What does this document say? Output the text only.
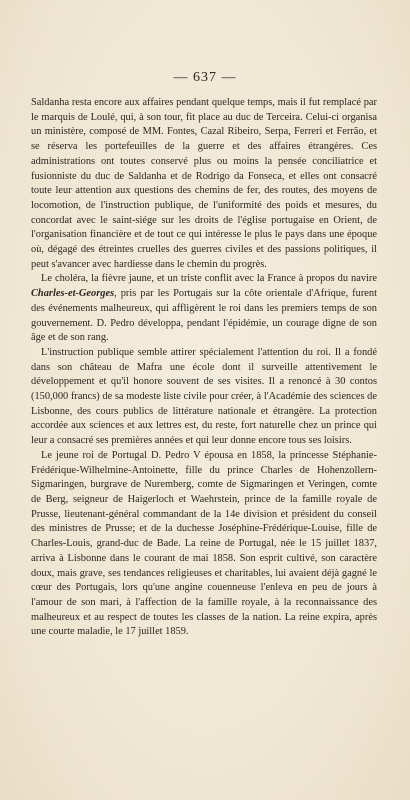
— 637 —

Saldanha resta encore aux affaires pendant quelque temps, mais il fut remplacé par le marquis de Loulé, qui, à son tour, fit place au duc de Terceira. Celui-ci organisa un ministère, composé de MM. Fontes, Cazal Ribeiro, Serpa, Ferreri et Ferrão, et se réserva les portefeuilles de la guerre et des affaires étrangères. Ces administrations ont toutes conservé plus ou moins la pensée conciliatrice et fusionniste du duc de Saldanha et de Rodrigo da Fonseca, et elles ont consacré toute leur attention aux questions des chemins de fer, des routes, des moyens de locomotion, de l'instruction publique, de l'uniformité des poids et mesures, du concordat avec le saint-siége sur les droits de l'église portugaise en Orient, de l'organisation financière et de tout ce qui intéresse le plus le pays dans une époque où, dégagé des étreintes cruelles des guerres civiles et des passions politiques, il peut s'avancer avec hardiesse dans le chemin du progrès.

Le choléra, la fièvre jaune, et un triste conflit avec la France à propos du navire Charles-et-Georges, pris par les Portugais sur la côte orientale d'Afrique, furent des événements malheureux, qui affligèrent le roi dans les premiers temps de son gouvernement. D. Pedro développa, pendant l'épidémie, un courage digne de son âge et de son rang.

L'instruction publique semble attirer spécialement l'attention du roi. Il a fondé dans son château de Mafra une école dont il surveille attentivement le développement et qu'il honore souvent de ses visites. Il a renoncé à 30 contos (150,000 francs) de sa modeste liste civile pour créer, à l'Académie des sciences de Lisbonne, des cours publics de littérature nationale et étrangère. La protection accordée aux sciences et aux lettres est, du reste, fort naturelle chez un prince qui leur a consacré ses premières années et qui leur donne encore tous ses loisirs.

Le jeune roi de Portugal D. Pedro V épousa en 1858, la princesse Stéphanie-Frédérique-Wilhelmine-Antoinette, fille du prince Charles de Hohenzollern-Sigmaringen, burgrave de Nuremberg, comte de Sigmaringen et Veringen, comte de Berg, seigneur de Haigerloch et Waehrstein, prince de la famille royale de Prusse, lieutenant-général commandant de la 14e division et président du conseil des ministres de Prusse; et de la duchesse Joséphine-Frédérique-Louise, fille de Charles-Louis, grand-duc de Bade. La reine de Portugal, née le 15 juillet 1837, arriva à Lisbonne dans le courant de mai 1858. Son esprit cultivé, son caractère doux, mais grave, ses tendances religieuses et charitables, lui avaient déjà gagné le cœur des Portugais, lors qu'une angine couenneuse l'enleva en peu de jours à l'amour de son mari, à l'affection de la famille royale, à la reconnaissance des malheureux et au respect de toutes les classes de la nation. La reine expira, après une courte maladie, le 17 juillet 1859.
